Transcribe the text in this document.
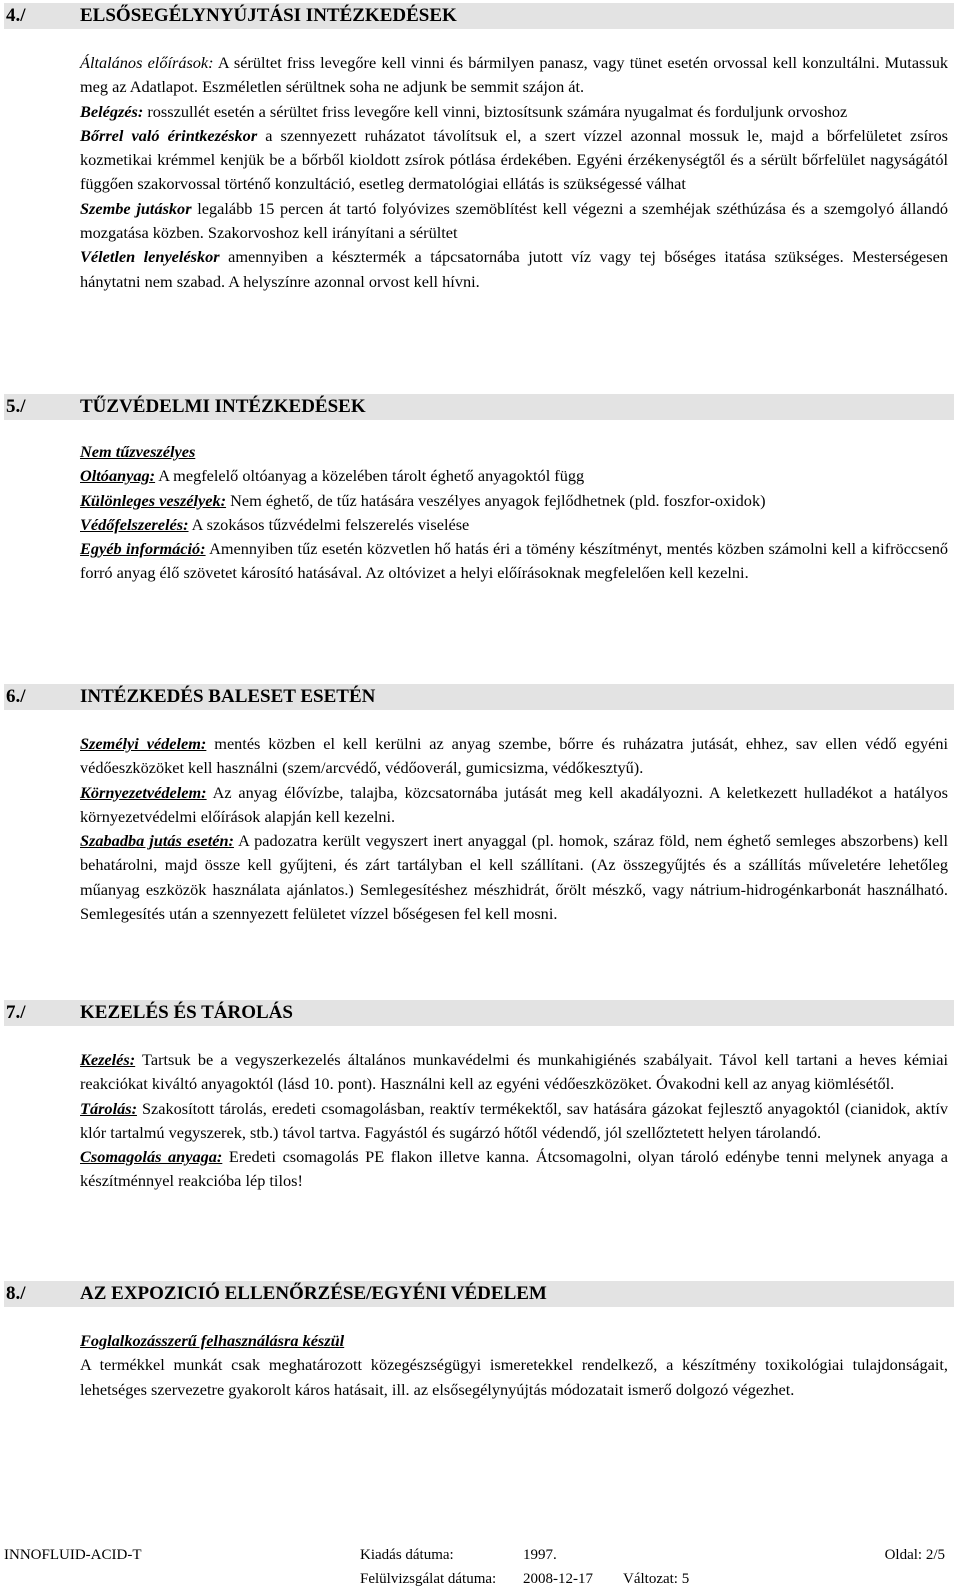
4./	ELSŐSEGÉLYNYÚJTÁSI INTÉZKEDÉSEK

Általános előírások: A sérültet friss levegőre kell vinni és bármilyen panasz, vagy tünet esetén orvossal kell konzultálni. Mutassuk meg az Adatlapot. Eszméletlen sérültnek soha ne adjunk be semmit szájon át.

Belégzés: rosszullét esetén a sérültet friss levegőre kell vinni, biztosítsunk számára nyugalmat és forduljunk orvoshoz

Bőrrel való érintkezéskor a szennyezett ruházatot távolítsuk el, a szert vízzel azonnal mossuk le, majd a bőrfelületet zsíros kozmetikai krémmel kenjük be a bőrből kioldott zsírok pótlása érdekében. Egyéni érzékenységtől és a sérült bőrfelület nagyságától függően szakorvossal történő konzultáció, esetleg dermatológiai ellátás is szükségessé válhat

Szembe jutáskor legalább 15 percen át tartó folyóvizes szemöblítést kell végezni a szemhéjak széthúzása és a szemgolyó állandó mozgatása közben. Szakorvoshoz kell irányítani a sérültet

Véletlen lenyeléskor amennyiben a késztermék a tápcsatornába jutott víz vagy tej bőséges itatása szükséges. Mesterségesen hánytatni nem szabad. A helyszínre azonnal orvost kell hívni.

5./	TŰZVÉDELMI INTÉZKEDÉSEK

Nem tűzveszélyes

Oltóanyag: A megfelelő oltóanyag a közelében tárolt éghető anyagoktól függ

Különleges veszélyek: Nem éghető, de tűz hatására veszélyes anyagok fejlődhetnek (pld. foszfor-oxidok)

Védőfelszerelés: A szokásos tűzvédelmi felszerelés viselése

Egyéb információ: Amennyiben tűz esetén közvetlen hő hatás éri a tömény készítményt, mentés közben számolni kell a kifröccsenő forró anyag élő szövetet károsító hatásával. Az oltóvizet a helyi előírásoknak megfelelően kell kezelni.

6./	INTÉZKEDÉS BALESET ESETÉN

Személyi védelem: mentés közben el kell kerülni az anyag szembe, bőrre és ruházatra jutását, ehhez, sav ellen védő egyéni védőeszközöket kell használni (szem/arcvédő, védőoverál, gumicsizma, védőkesztyű).

Környezetvédelem: Az anyag élővízbe, talajba, közcsatornába jutását meg kell akadályozni. A keletkezett hulladékot a hatályos környezetvédelmi előírások alapján kell kezelni.

Szabadba jutás esetén: A padozatra került vegyszert inert anyaggal (pl. homok, száraz föld, nem éghető semleges abszorbens) kell behatárolni, majd össze kell gyűjteni, és zárt tartályban el kell szállítani. (Az összegyűjtés és a szállítás műveletére lehetőleg műanyag eszközök használata ajánlatos.) Semlegesítéshez mészhidrát, őrölt mészkő, vagy nátrium-hidrogénkarbonát használható. Semlegesítés után a szennyezett felületet vízzel bőségesen fel kell mosni.

7./	KEZELÉS ÉS TÁROLÁS

Kezelés: Tartsuk be a vegyszerkezelés általános munkavédelmi és munkahigiénés szabályait. Távol kell tartani a heves kémiai reakciókat kiváltó anyagoktól (lásd 10. pont). Használni kell az egyéni védőeszközöket. Óvakodni kell az anyag kiömlésétől.

Tárolás: Szakosított tárolás, eredeti csomagolásban, reaktív termékektől, sav hatására gázokat fejlesztő anyagoktól (cianidok, aktív klór tartalmú vegyszerek, stb.) távol tartva. Fagyástól és sugárzó hőtől védendő, jól szellőztetett helyen tárolandó.

Csomagolás anyaga: Eredeti csomagolás PE flakon illetve kanna. Átcsomagolni, olyan tároló edénybe tenni melynek anyaga a készítménnyel reakcióba lép tilos!

8./	AZ EXPOZICIÓ ELLENŐRZÉSE/EGYÉNI VÉDELEM

Foglalkozásszerű felhasználásra készül

A termékkel munkát csak meghatározott közegészségügyi ismeretekkel rendelkező, a készítmény toxikológiai tulajdonságait, lehetséges szervezetre gyakorolt káros hatásait, ill. az elsősegélynyújtás módozatait ismerő dolgozó végezhet.

INNOFLUID-ACID-T	Kiadás dátuma:	1997.	Oldal: 2/5
Felülvizsgálat dátuma: 2008-12-17 Változat: 5
